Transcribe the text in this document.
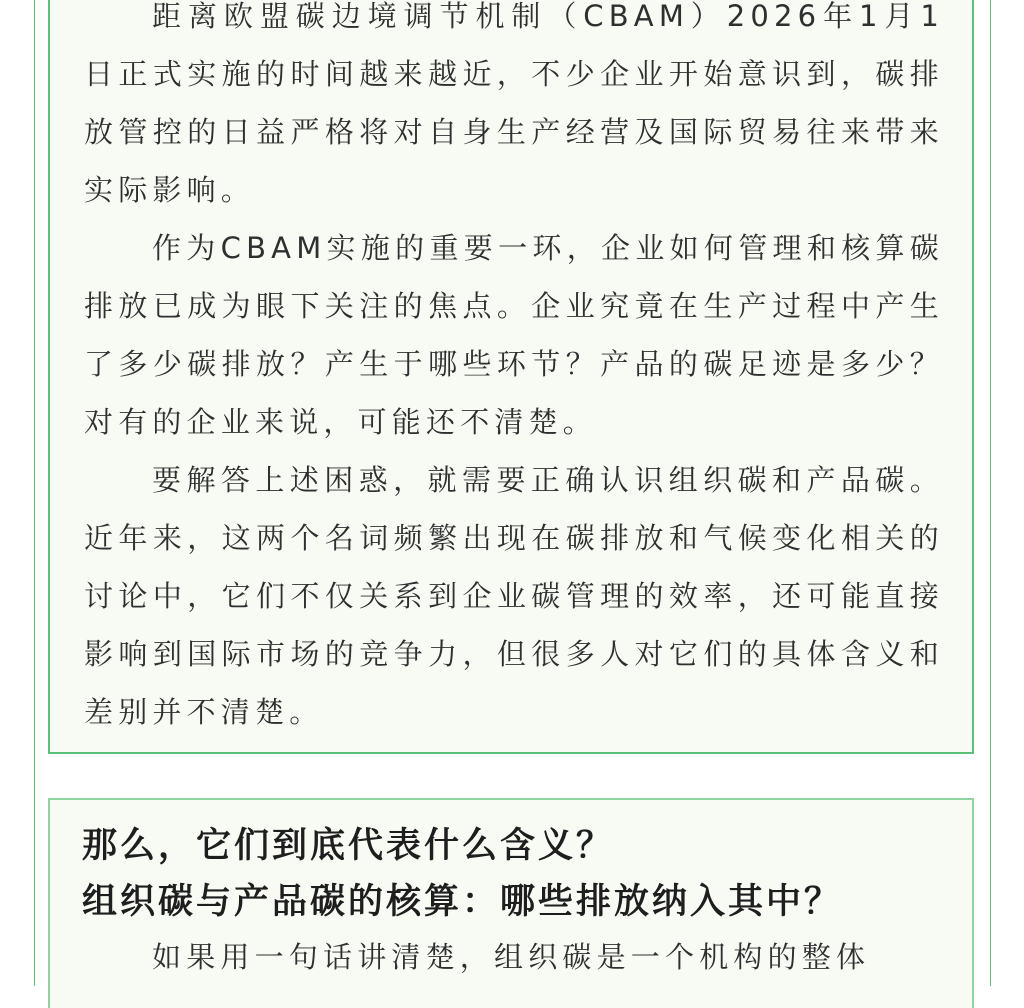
距离欧盟碳边境调节机制（CBAM）2026年1月1日正式实施的时间越来越近，不少企业开始意识到，碳排放管控的日益严格将对自身生产经营及国际贸易往来带来实际影响。

作为CBAM实施的重要一环，企业如何管理和核算碳排放已成为眼下关注的焦点。企业究竟在生产过程中产生了多少碳排放？产生于哪些环节？产品的碳足迹是多少？对有的企业来说，可能还不清楚。

要解答上述困惑，就需要正确认识组织碳和产品碳。近年来，这两个名词频繁出现在碳排放和气候变化相关的讨论中，它们不仅关系到企业碳管理的效率，还可能直接影响到国际市场的竞争力，但很多人对它们的具体含义和差别并不清楚。

那么，它们到底代表什么含义？
组织碳与产品碳的核算：哪些排放纳入其中？

如果用一句话讲清楚，组织碳是一个机构的整体
